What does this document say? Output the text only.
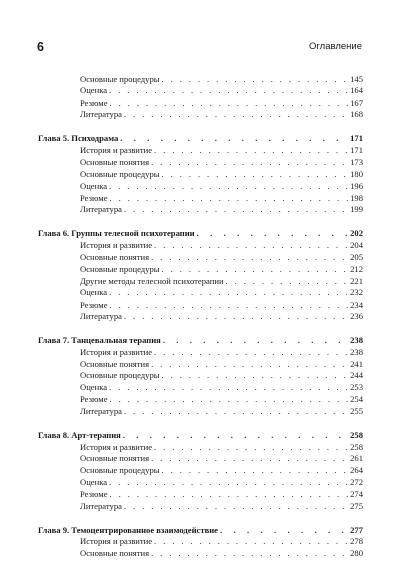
6	Оглавление
Основные процедуры . . .	145
Оценка . . .	164
Резюме . . .	167
Литература . . .	168
Глава 5. Психодрама . . .	171
История и развитие . . .	171
Основные понятия . . .	173
Основные процедуры . . .	180
Оценка . . .	196
Резюме . . .	198
Литература . . .	199
Глава 6. Группы телесной психотерапии . . .	202
История и развитие . . .	204
Основные понятия . . .	205
Основные процедуры . . .	212
Другие методы телесной психотерапии . . .	221
Оценка . . .	232
Резюме . . .	234
Литература . . .	236
Глава 7. Танцевальная терапия . . .	238
История и развитие . . .	238
Основные понятия . . .	241
Основные процедуры . . .	244
Оценка . . .	253
Резюме . . .	254
Литература . . .	255
Глава 8. Арт-терапия . . .	258
История и развитие . . .	258
Основные понятия . . .	261
Основные процедуры . . .	264
Оценка . . .	272
Резюме . . .	274
Литература . . .	275
Глава 9. Темоцентрированное взаимодействие . . .	277
История и развитие . . .	278
Основные понятия . . .	280
